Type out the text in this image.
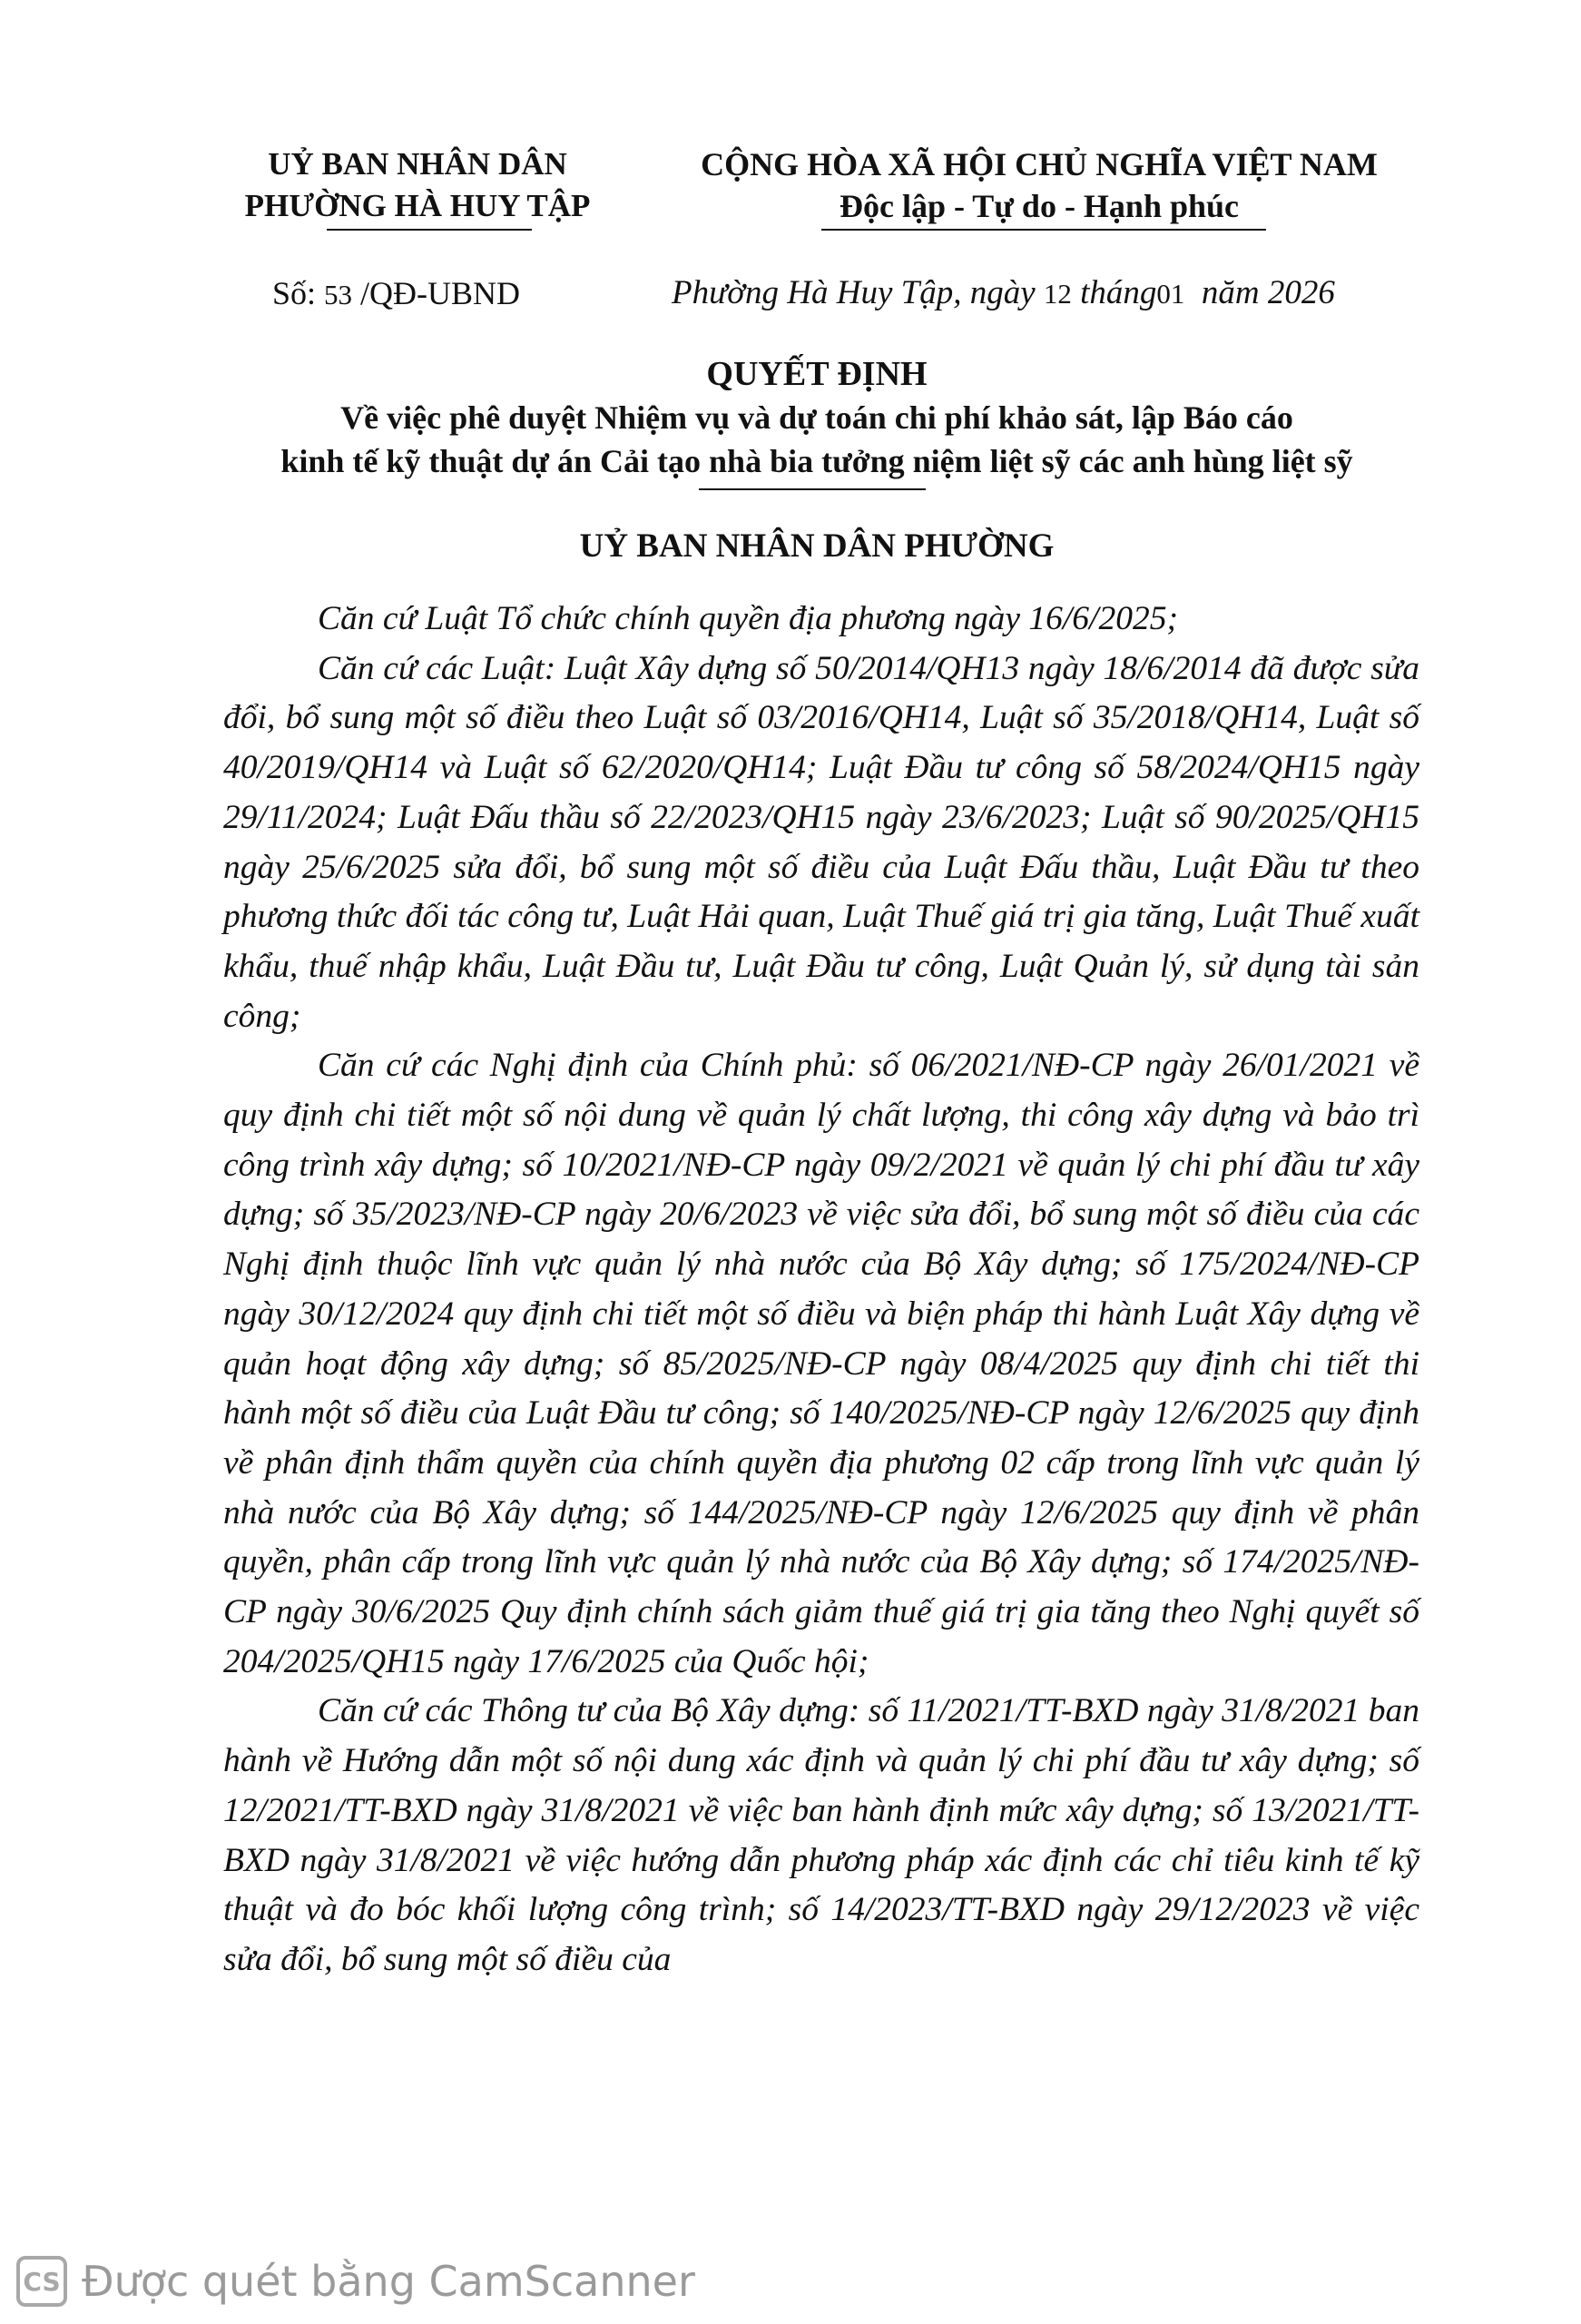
UỶ BAN NHÂN DÂN
PHƯỜNG HÀ HUY TẬP
CỘNG HÒA XÃ HỘI CHỦ NGHĨA VIỆT NAM
Độc lập - Tự do - Hạnh phúc
Số: 53 /QĐ-UBND	Phường Hà Huy Tập, ngày 12 tháng01 năm 2026
QUYẾT ĐỊNH
Về việc phê duyệt Nhiệm vụ và dự toán chi phí khảo sát, lập Báo cáo
kinh tế kỹ thuật dự án Cải tạo nhà bia tưởng niệm liệt sỹ các anh hùng liệt sỹ
UỶ BAN NHÂN DÂN PHƯỜNG

Căn cứ Luật Tổ chức chính quyền địa phương ngày 16/6/2025;

Căn cứ các Luật: Luật Xây dựng số 50/2014/QH13 ngày 18/6/2014 đã được sửa đổi, bổ sung một số điều theo Luật số 03/2016/QH14, Luật số 35/2018/QH14, Luật số 40/2019/QH14 và Luật số 62/2020/QH14; Luật Đầu tư công số 58/2024/QH15 ngày 29/11/2024; Luật Đấu thầu số 22/2023/QH15 ngày 23/6/2023; Luật số 90/2025/QH15 ngày 25/6/2025 sửa đổi, bổ sung một số điều của Luật Đấu thầu, Luật Đầu tư theo phương thức đối tác công tư, Luật Hải quan, Luật Thuế giá trị gia tăng, Luật Thuế xuất khẩu, thuế nhập khẩu, Luật Đầu tư, Luật Đầu tư công, Luật Quản lý, sử dụng tài sản công;

Căn cứ các Nghị định của Chính phủ: số 06/2021/NĐ-CP ngày 26/01/2021 về quy định chi tiết một số nội dung về quản lý chất lượng, thi công xây dựng và bảo trì công trình xây dựng; số 10/2021/NĐ-CP ngày 09/2/2021 về quản lý chi phí đầu tư xây dựng; số 35/2023/NĐ-CP ngày 20/6/2023 về việc sửa đổi, bổ sung một số điều của các Nghị định thuộc lĩnh vực quản lý nhà nước của Bộ Xây dựng; số 175/2024/NĐ-CP ngày 30/12/2024 quy định chi tiết một số điều và biện pháp thi hành Luật Xây dựng về quản hoạt động xây dựng; số 85/2025/NĐ-CP ngày 08/4/2025 quy định chi tiết thi hành một số điều của Luật Đầu tư công; số 140/2025/NĐ-CP ngày 12/6/2025 quy định về phân định thẩm quyền của chính quyền địa phương 02 cấp trong lĩnh vực quản lý nhà nước của Bộ Xây dựng; số 144/2025/NĐ-CP ngày 12/6/2025 quy định về phân quyền, phân cấp trong lĩnh vực quản lý nhà nước của Bộ Xây dựng; số 174/2025/NĐ-CP ngày 30/6/2025 Quy định chính sách giảm thuế giá trị gia tăng theo Nghị quyết số 204/2025/QH15 ngày 17/6/2025 của Quốc hội;

Căn cứ các Thông tư của Bộ Xây dựng: số 11/2021/TT-BXD ngày 31/8/2021 ban hành về Hướng dẫn một số nội dung xác định và quản lý chi phí đầu tư xây dựng; số 12/2021/TT-BXD ngày 31/8/2021 về việc ban hành định mức xây dựng; số 13/2021/TT-BXD ngày 31/8/2021 về việc hướng dẫn phương pháp xác định các chỉ tiêu kinh tế kỹ thuật và đo bóc khối lượng công trình; số 14/2023/TT-BXD ngày 29/12/2023 về việc sửa đổi, bổ sung một số điều của

CS Được quét bằng CamScanner
